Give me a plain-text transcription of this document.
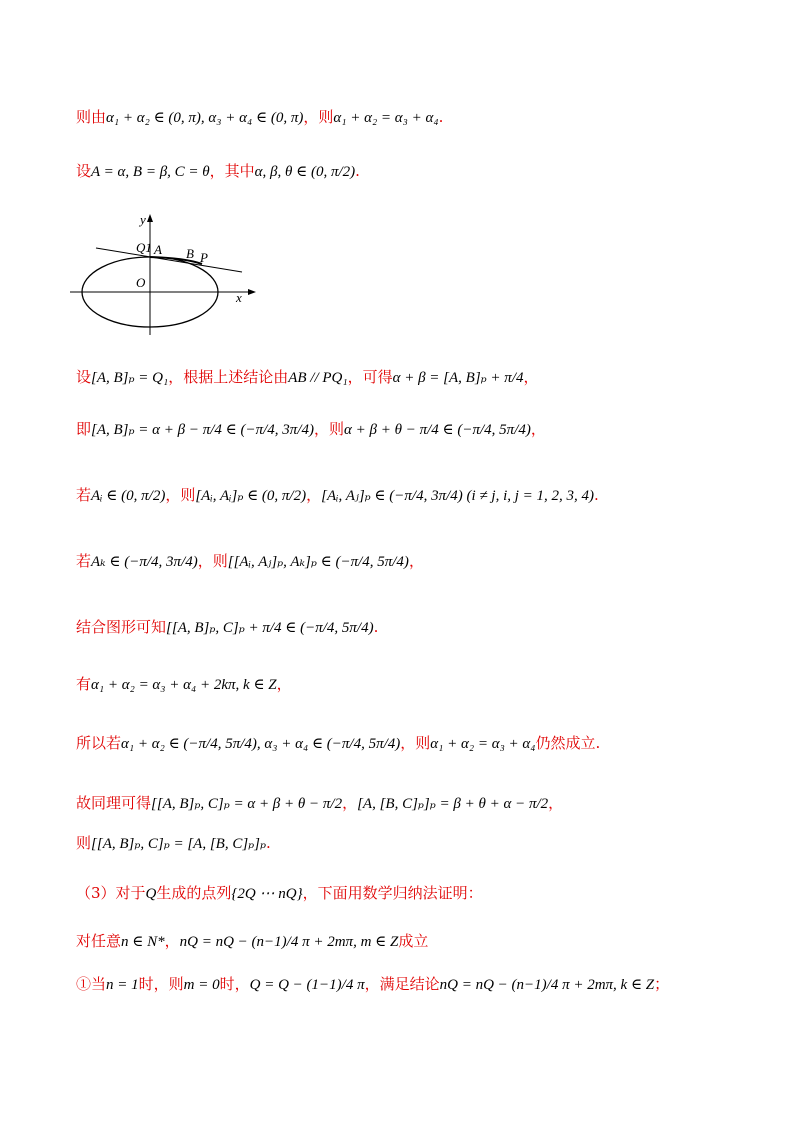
则由α₁ + α₂ ∈ (0, π), α₃ + α₄ ∈ (0, π)，则α₁ + α₂ = α₃ + α₄.
设A = α, B = β, C = θ，其中α, β, θ ∈ (0, π/2).
y
x
O
Q1 A B P
设[A, B]ₚ = Q₁，根据上述结论由AB // PQ₁，可得α + β = [A, B]ₚ + π/4，
即[A, B]ₚ = α + β − π/4 ∈ (−π/4, 3π/4)，则α + β + θ − π/4 ∈ (−π/4, 5π/4)，
若Aᵢ ∈ (0, π/2)，则[Aᵢ, Aᵢ]ₚ ∈ (0, π/2)，[Aᵢ, Aⱼ]ₚ ∈ (−π/4, 3π/4) (i ≠ j, i, j = 1, 2, 3, 4).
若Aₖ ∈ (−π/4, 3π/4)，则[[Aᵢ, Aⱼ]ₚ, Aₖ]ₚ ∈ (−π/4, 5π/4)，
结合图形可知[[A, B]ₚ, C]ₚ + π/4 ∈ (−π/4, 5π/4).
有α₁ + α₂ = α₃ + α₄ + 2kπ, k ∈ Z，
所以若α₁ + α₂ ∈ (−π/4, 5π/4), α₃ + α₄ ∈ (−π/4, 5π/4)，则α₁ + α₂ = α₃ + α₄仍然成立.
故同理可得[[A, B]ₚ, C]ₚ = α + β + θ − π/2，[A, [B, C]ₚ]ₚ = β + θ + α − π/2，
则[[A, B]ₚ, C]ₚ = [A, [B, C]ₚ]ₚ.
（3）对于Q生成的点列{2Q ⋯ nQ}，下面用数学归纳法证明：
对任意n ∈ N*，nQ = nQ − (n−1)/4 π + 2mπ, m ∈ Z成立
①当n = 1时，则m = 0时，Q = Q − (1−1)/4 π，满足结论nQ = nQ − (n−1)/4 π + 2mπ, k ∈ Z；
